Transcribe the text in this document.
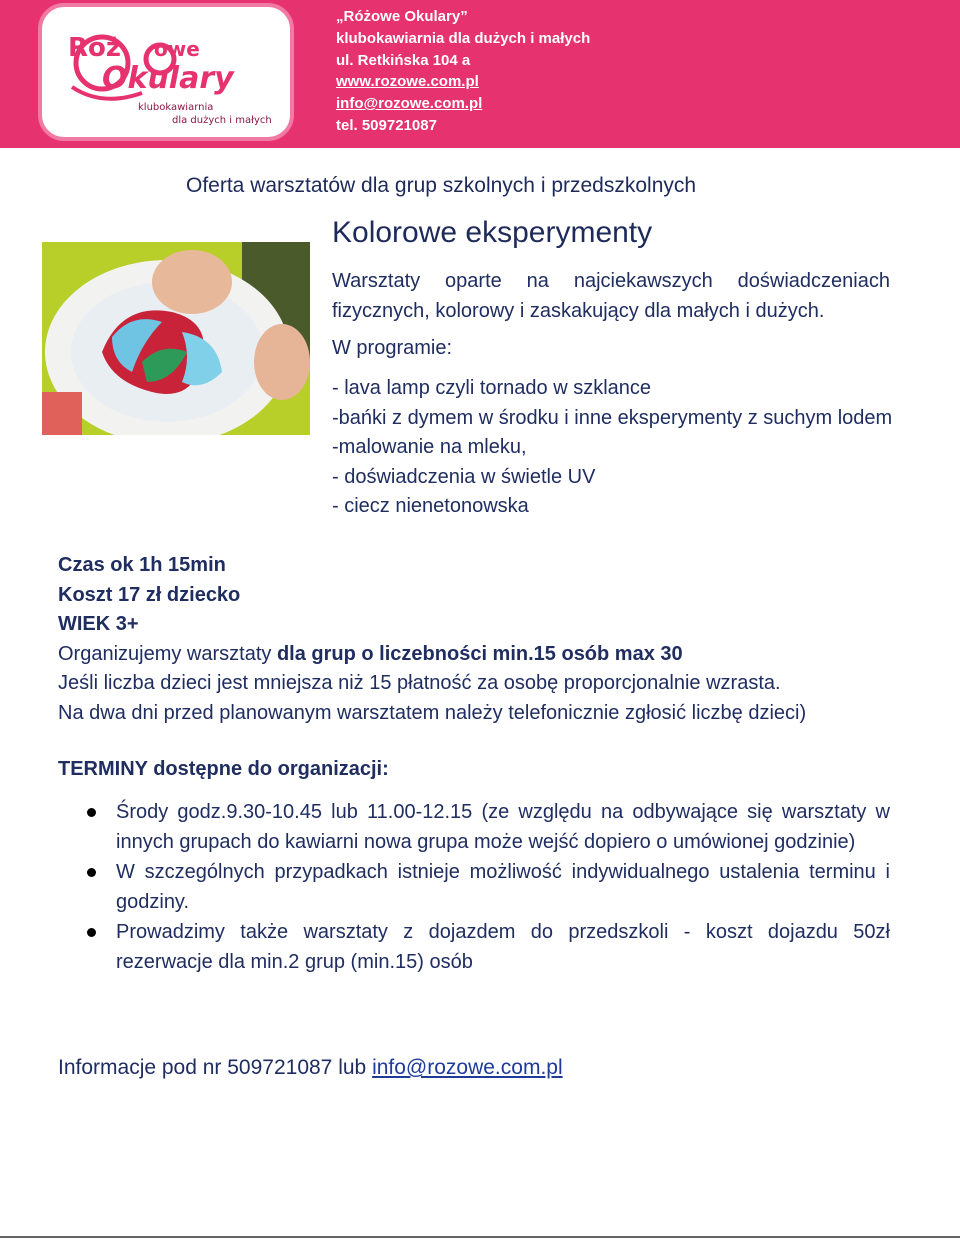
Róż owe
Okulary
klubokawiarnia
dla dużych i małych
„Różowe Okulary”
klubokawiarnia dla dużych i małych
ul. Retkińska 104 a
www.rozowe.com.pl
info@rozowe.com.pl
tel. 509721087
Oferta warsztatów dla grup szkolnych i przedszkolnych
Kolorowe eksperymenty
Warsztaty oparte na najciekawszych doświadczeniach fizycznych, kolorowy i zaskakujący dla małych i dużych.
W programie:
- lava lamp czyli tornado w szklance
-bańki z dymem w środku i inne eksperymenty z suchym lodem
-malowanie na mleku,
- doświadczenia w świetle UV
- ciecz nienetonowska
Czas ok 1h 15min
Koszt 17 zł dziecko
WIEK 3+
Organizujemy warsztaty dla grup o liczebności min.15 osób max 30
Jeśli liczba dzieci jest mniejsza niż 15 płatność za osobę proporcjonalnie wzrasta.
Na dwa dni przed planowanym warsztatem należy telefonicznie zgłosić liczbę dzieci)
TERMINY dostępne do organizacji:
Środy godz.9.30-10.45 lub 11.00-12.15 (ze względu na odbywające się warsztaty w innych grupach do kawiarni nowa grupa może wejść dopiero o umówionej godzinie)
W szczególnych przypadkach istnieje możliwość indywidualnego ustalenia terminu i godziny.
Prowadzimy także warsztaty z dojazdem do przedszkoli - koszt dojazdu 50zł rezerwacje dla min.2 grup (min.15) osób
Informacje pod nr 509721087 lub info@rozowe.com.pl
